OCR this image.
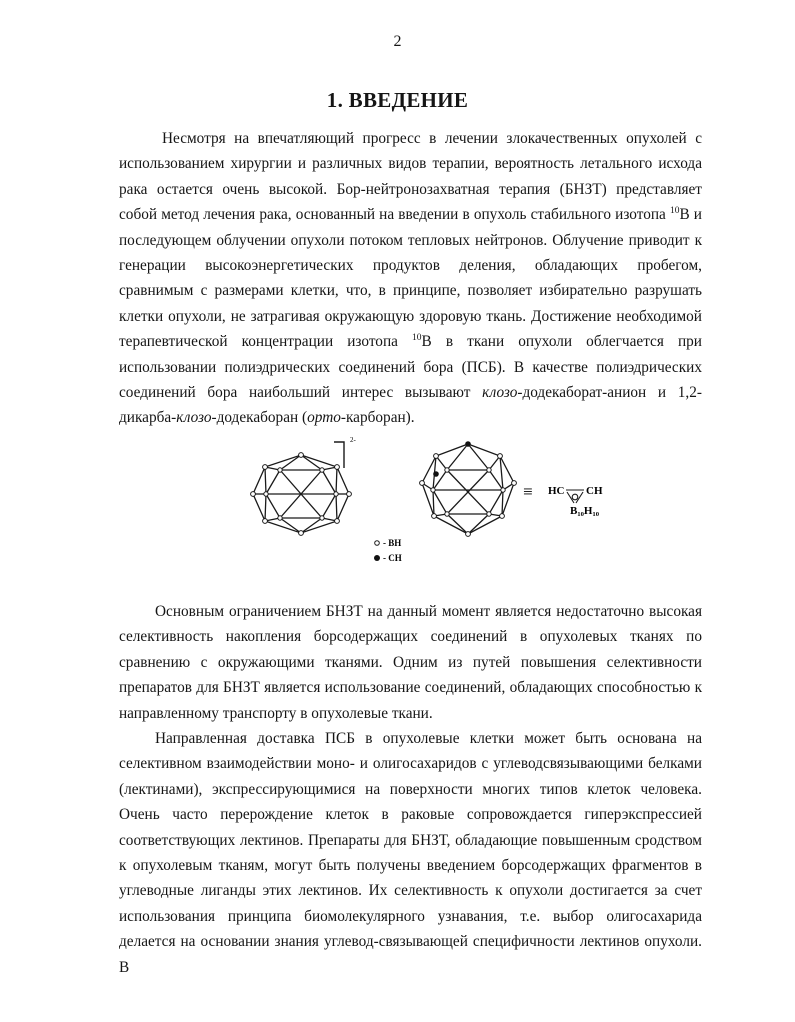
2
1. ВВЕДЕНИЕ

Несмотря на впечатляющий прогресс в лечении злокачественных опухолей с использованием хирургии и различных видов терапии, вероятность летального исхода рака остается очень высокой. Бор-нейтронозахватная терапия (БНЗТ) представляет собой метод лечения рака, основанный на введении в опухоль стабильного изотопа $^{10}$B и последующем облучении опухоли потоком тепловых нейтронов. Облучение приводит к генерации высокоэнергетических продуктов деления, обладающих пробегом, сравнимым с размерами клетки, что, в принципе, позволяет избирательно разрушать клетки опухоли, не затрагивая окружающую здоровую ткань. Достижение необходимой терапевтической концентрации изотопа $^{10}$B в ткани опухоли облегчается при использовании полиэдрических соединений бора (ПСБ). В качестве полиэдрических соединений бора наибольший интерес вызывают клозо-додекаборат-анион и 1,2-дикарба-клозо-додекаборан (орто-карборан).

2-
≡ HC CH
B₁₀H₁₀
- BH
- CH

Основным ограничением БНЗТ на данный момент является недостаточно высокая селективность накопления борсодержащих соединений в опухолевых тканях по сравнению с окружающими тканями. Одним из путей повышения селективности препаратов для БНЗТ является использование соединений, обладающих способностью к направленному транспорту в опухолевые ткани.

Направленная доставка ПСБ в опухолевые клетки может быть основана на селективном взаимодействии моно- и олигосахаридов с углеводсвязывающими белками (лектинами), экспрессирующимися на поверхности многих типов клеток человека. Очень часто перерождение клеток в раковые сопровождается гиперэкспрессией соответствующих лектинов. Препараты для БНЗТ, обладающие повышенным сродством к опухолевым тканям, могут быть получены введением борсодержащих фрагментов в углеводные лиганды этих лектинов. Их селективность к опухоли достигается за счет использования принципа биомолекулярного узнавания, т.е. выбор олигосахарида делается на основании знания углевод-связывающей специфичности лектинов опухоли. В
